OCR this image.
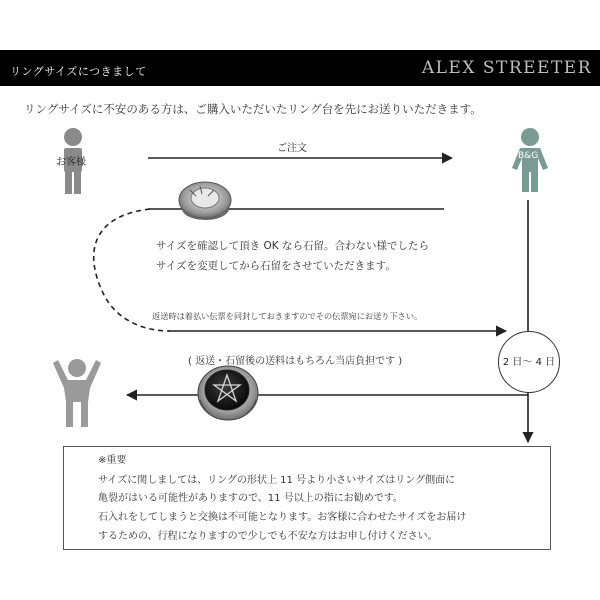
リングサイズにつきまして	ALEX STREETER
リングサイズに不安のある方は、ご購入いただいたリング台を先にお送りいただきます。
お客様
B&G
ご注文
サイズを確認して頂き OK なら石留。合わない様でしたら
サイズを変更してから石留をさせていただきます。
返送時は着払い伝票を同封しておきますのでその伝票宛にお送り下さい。
( 返送・石留後の送料はもちろん当店負担です )	2 日～ 4 日
※重要
サイズに関しましては、リングの形状上 11 号より小さいサイズはリング側面に
亀裂がはいる可能性がありますので、11 号以上の指にお勧めです。
石入れをしてしまうと交換は不可能となります。お客様に合わせたサイズをお届け
するための、行程になりますので少しでも不安な方はお申し付けください。
